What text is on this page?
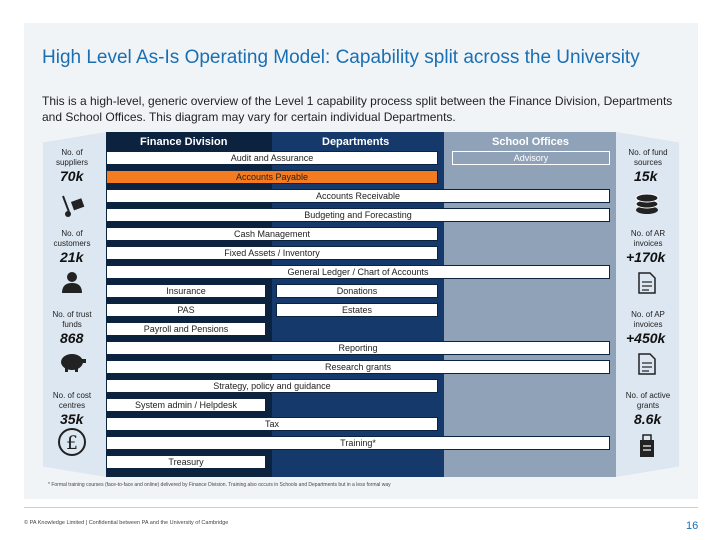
High Level As-Is Operating Model: Capability split across the University
This is a high-level, generic overview of the Level 1 capability process split between the Finance Division, Departments and School Offices. This diagram may vary for certain individual Departments.
Finance Division	Departments	School Offices
Audit and Assurance	Advisory
Accounts Payable
Accounts Receivable
Budgeting and Forecasting
Cash Management
Fixed Assets / Inventory
General Ledger / Chart of Accounts
Insurance	Donations
PAS	Estates
Payroll and Pensions
Reporting
Research grants
Strategy, policy and guidance
System admin / Helpdesk
Tax
Training*
Treasury
No. of suppliers
70k
No. of customers
21k
No. of trust funds
868
No. of cost centres
35k
£
No. of fund sources
15k
No. of AR invoices
+170k
No. of AP invoices
+450k
No. of active grants
8.6k
* Formal training courses (face-to-face and online) delivered by Finance Division. Training also occurs in Schools and Departments but in a less formal way
© PA Knowledge Limited | Confidential between PA and the University of Cambridge	16
